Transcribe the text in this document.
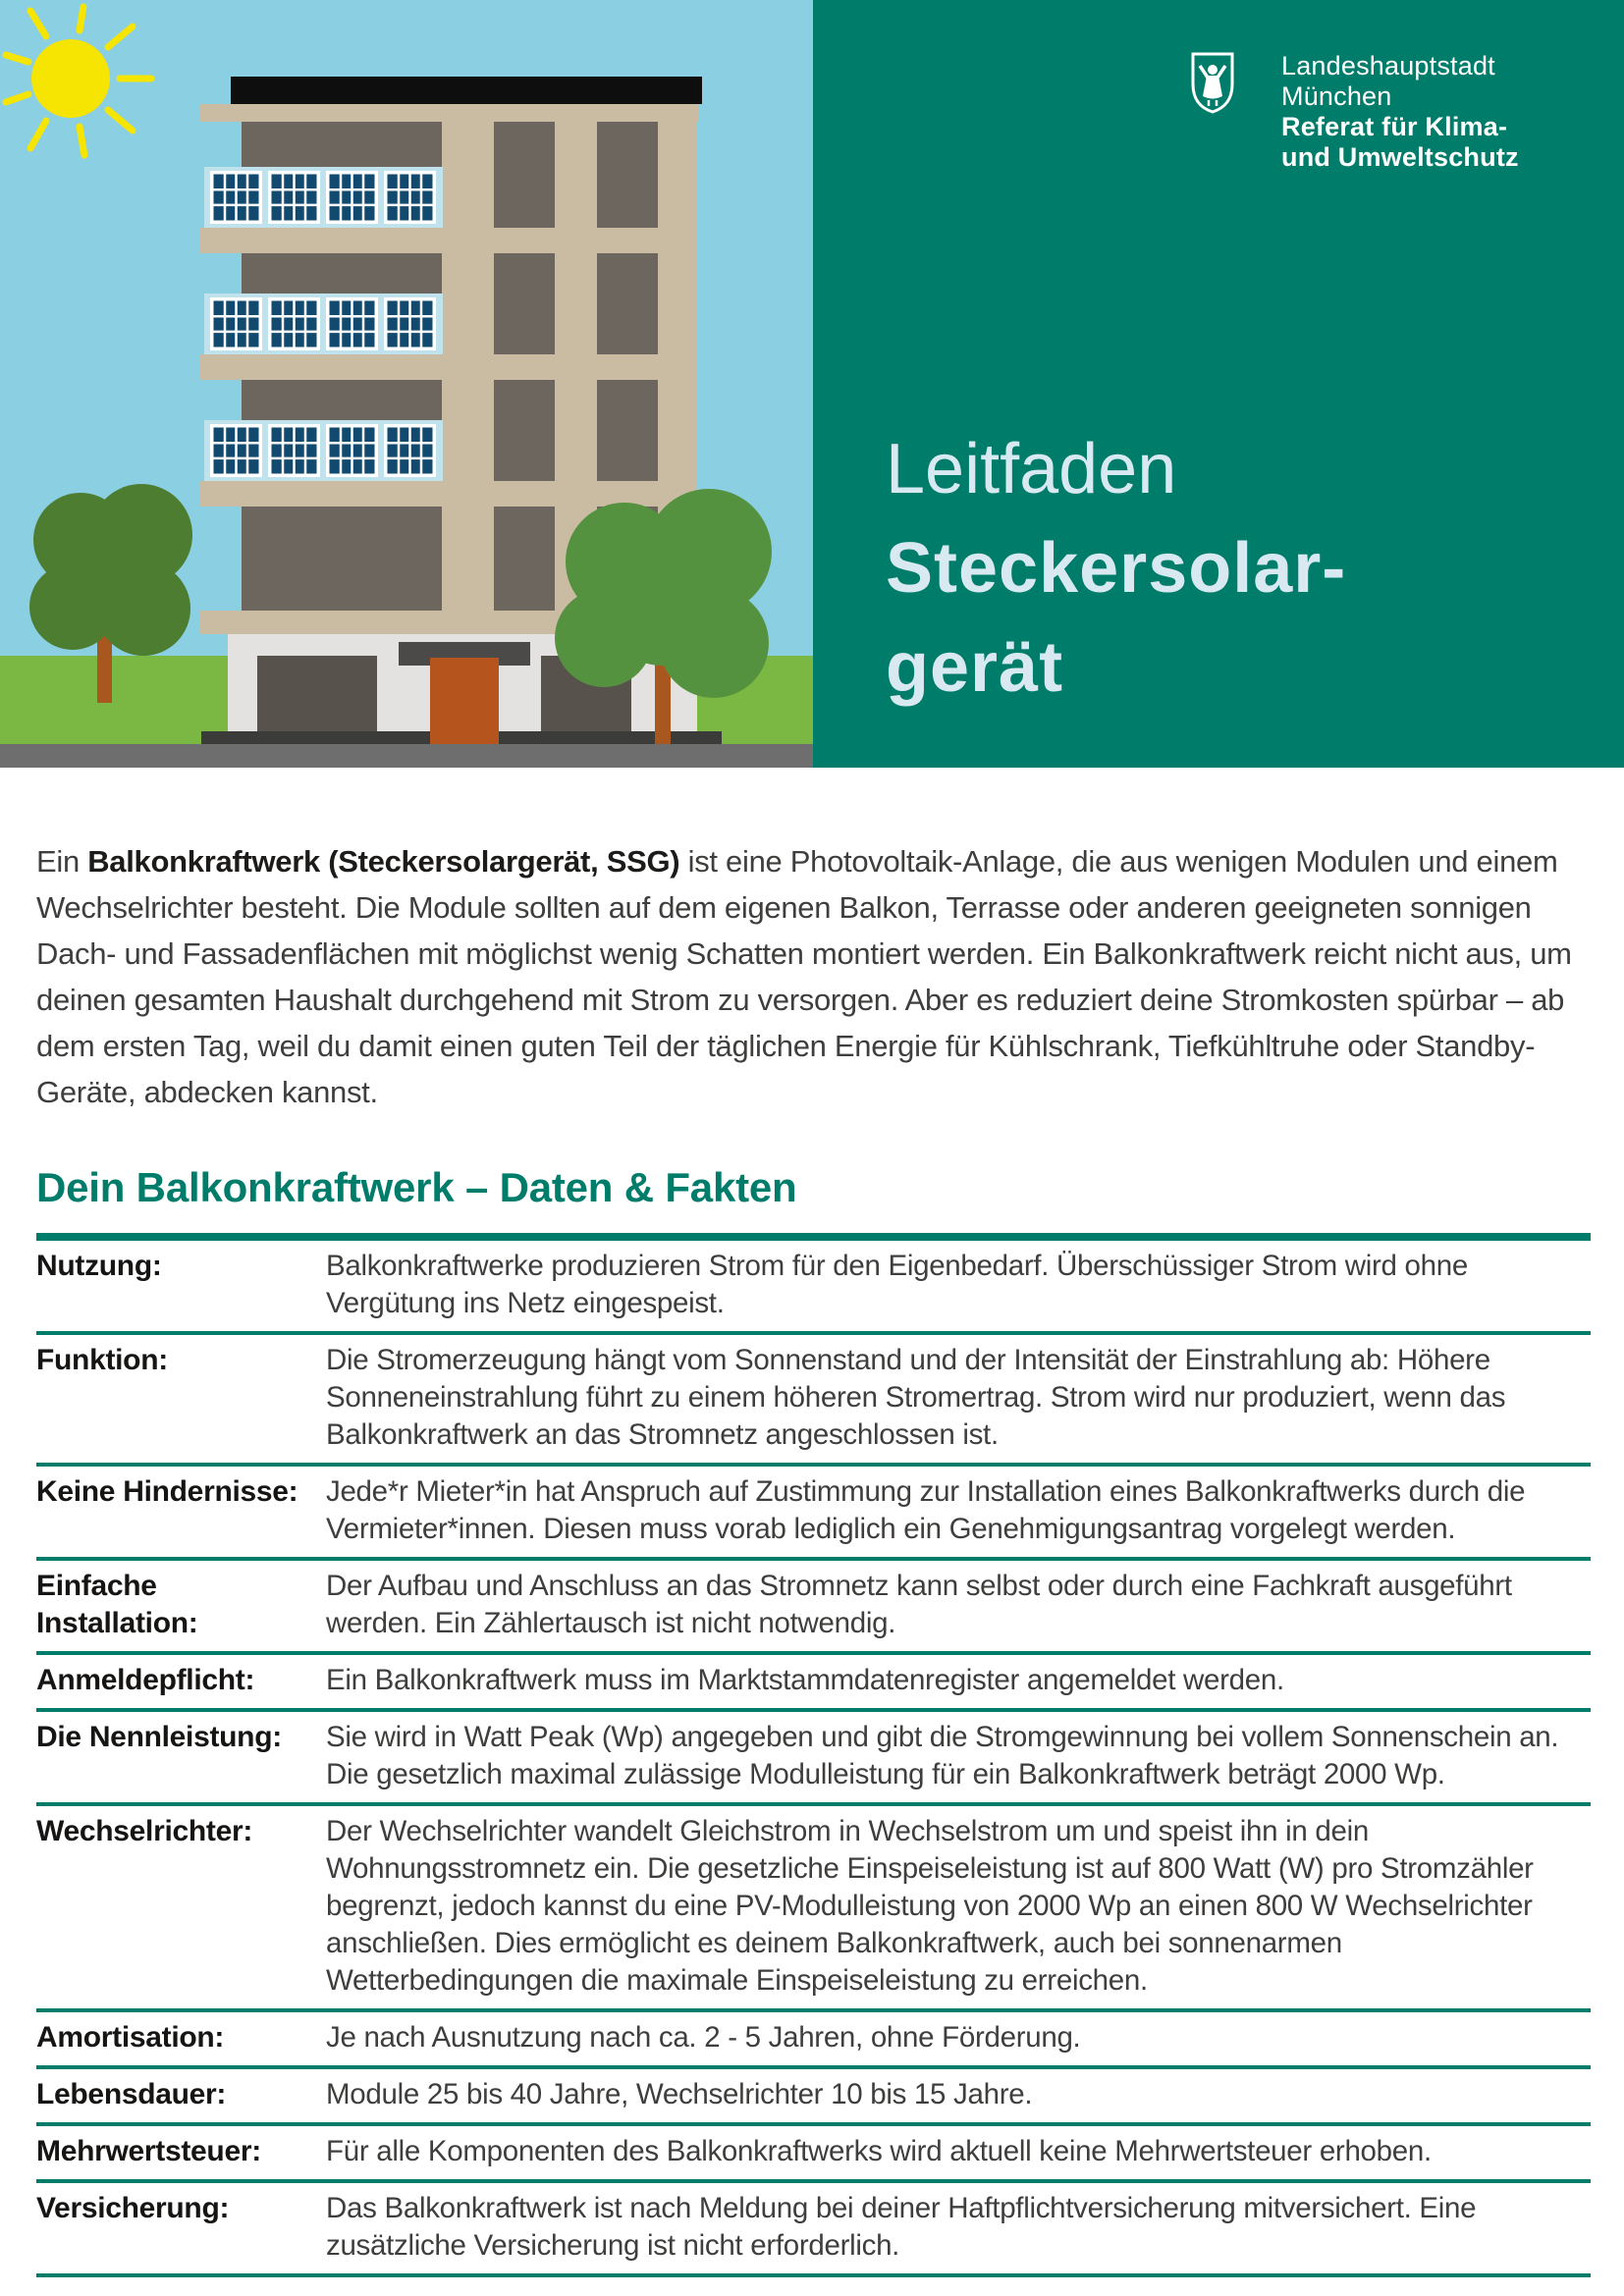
Landeshauptstadt
München
Referat für Klima-
und Umweltschutz
Leitfaden
Steckersolar-
gerät

Ein Balkonkraftwerk (Steckersolargerät, SSG) ist eine Photovoltaik-Anlage, die aus wenigen Modulen und einem Wechselrichter besteht. Die Module sollten auf dem eigenen Balkon, Terrasse oder anderen geeigneten sonnigen Dach- und Fassadenflächen mit möglichst wenig Schatten montiert werden. Ein Balkonkraftwerk reicht nicht aus, um deinen gesamten Haushalt durchgehend mit Strom zu versorgen. Aber es reduziert deine Stromkosten spürbar – ab dem ersten Tag, weil du damit einen guten Teil der täglichen Energie für Kühlschrank, Tiefkühltruhe oder Standby-Geräte, abdecken kannst.

Dein Balkonkraftwerk – Daten & Fakten
Nutzung:	Balkonkraftwerke produzieren Strom für den Eigenbedarf. Überschüssiger Strom wird ohne Vergütung ins Netz eingespeist.
Funktion:	Die Stromerzeugung hängt vom Sonnenstand und der Intensität der Einstrahlung ab: Höhere Sonneneinstrahlung führt zu einem höheren Stromertrag. Strom wird nur produziert, wenn das Balkonkraftwerk an das Stromnetz angeschlossen ist.
Keine Hindernisse: Jede*r Mieter*in hat Anspruch auf Zustimmung zur Installation eines Balkonkraftwerks durch die Vermieter*innen. Diesen muss vorab lediglich ein Genehmigungsantrag vorgelegt werden.
Einfache Installation:
Der Aufbau und Anschluss an das Stromnetz kann selbst oder durch eine Fachkraft ausgeführt werden. Ein Zählertausch ist nicht notwendig.
Anmeldepflicht:	Ein Balkonkraftwerk muss im Marktstammdatenregister angemeldet werden.
Die Nennleistung:	Sie wird in Watt Peak (Wp) angegeben und gibt die Stromgewinnung bei vollem Sonnenschein an. Die gesetzlich maximal zulässige Modulleistung für ein Balkonkraftwerk beträgt 2000 Wp.
Wechselrichter:	Der Wechselrichter wandelt Gleichstrom in Wechselstrom um und speist ihn in dein Wohnungsstromnetz ein. Die gesetzliche Einspeiseleistung ist auf 800 Watt (W) pro Stromzähler begrenzt, jedoch kannst du eine PV-Modulleistung von 2000 Wp an einen 800 W Wechselrichter anschließen. Dies ermöglicht es deinem Balkonkraftwerk, auch bei sonnenarmen Wetterbedingungen die maximale Einspeiseleistung zu erreichen.
Amortisation:	Je nach Ausnutzung nach ca. 2 - 5 Jahren, ohne Förderung.
Lebensdauer:	Module 25 bis 40 Jahre, Wechselrichter 10 bis 15 Jahre.
Mehrwertsteuer:	Für alle Komponenten des Balkonkraftwerks wird aktuell keine Mehrwertsteuer erhoben.
Versicherung:	Das Balkonkraftwerk ist nach Meldung bei deiner Haftpflichtversicherung mitversichert. Eine zusätzliche Versicherung ist nicht erforderlich.
